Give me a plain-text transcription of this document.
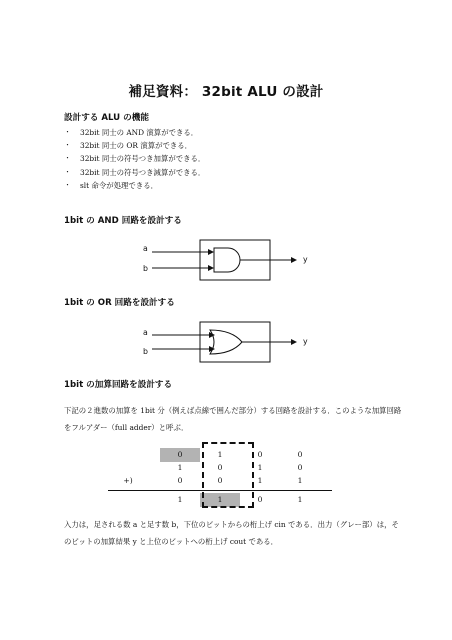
補足資料： 32bit ALU の設計
設計する ALU の機能
・	32bit 同士の AND 演算ができる．
・	32bit 同士の OR 演算ができる．
・	32bit 同士の符号つき加算ができる．
・	32bit 同士の符号つき減算ができる．
・	slt 命令が処理できる．
1bit の AND 回路を設計する
a
b
y
1bit の OR 回路を設計する
a
b
y
1bit の加算回路を設計する
下記の２進数の加算を 1bit 分（例えば点線で囲んだ部分）する回路を設計する．このような加算回路をフルアダー（full adder）と呼ぶ．
0	1	0	0
1	0	1	0
+)	0	0	1	1
1	1	0	1
入力は，足される数 a と足す数 b，下位のビットからの桁上げ cin である．出力（グレー部）は，そのビットの加算結果 y と上位のビットへの桁上げ cout である．
